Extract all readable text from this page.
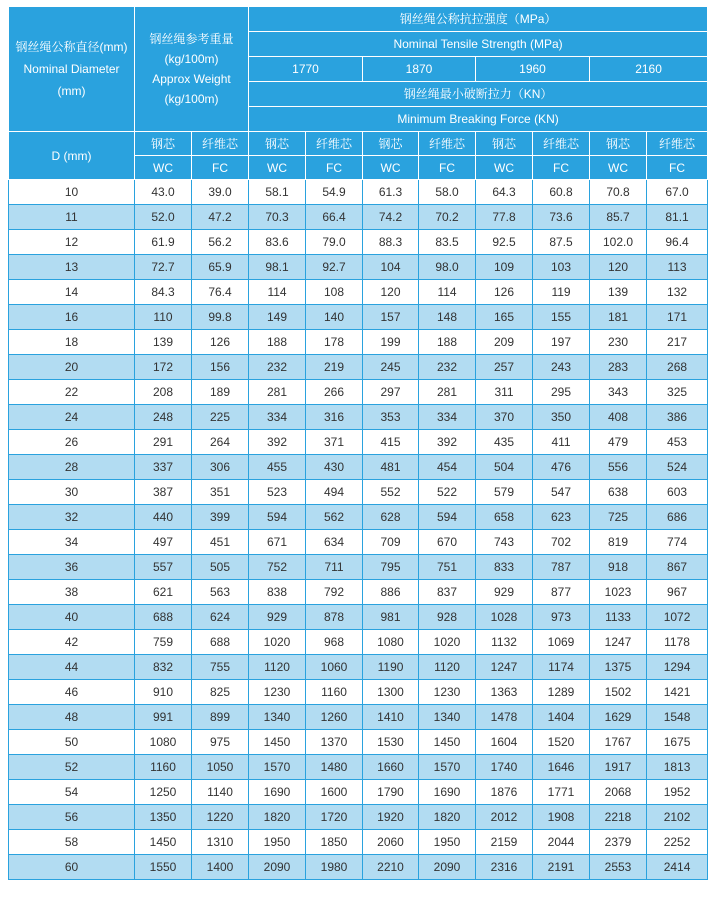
钢丝绳公称直径(mm)
Nominal Diameter
(mm)	钢丝绳参考重量
(kg/100m)
Approx Weight
(kg/100m)		钢丝绳公称抗拉强度（MPa）							
			Nominal Tensile Strength (MPa)							
			1770		1870		1960		2160	
			钢丝绳最小破断拉力（KN）							
			Minimum Breaking Force (KN)							
D (mm)	钢芯	纤维芯	钢芯	纤维芯	钢芯	纤维芯	钢芯	纤维芯	钢芯	纤维芯
	WC	FC	WC	FC	WC	FC	WC	FC	WC	FC
10	43.0	39.0	58.1	54.9	61.3	58.0	64.3	60.8	70.8	67.0
11	52.0	47.2	70.3	66.4	74.2	70.2	77.8	73.6	85.7	81.1
12	61.9	56.2	83.6	79.0	88.3	83.5	92.5	87.5	102.0	96.4
13	72.7	65.9	98.1	92.7	104	98.0	109	103	120	113
14	84.3	76.4	114	108	120	114	126	119	139	132
16	110	99.8	149	140	157	148	165	155	181	171
18	139	126	188	178	199	188	209	197	230	217
20	172	156	232	219	245	232	257	243	283	268
22	208	189	281	266	297	281	311	295	343	325
24	248	225	334	316	353	334	370	350	408	386
26	291	264	392	371	415	392	435	411	479	453
28	337	306	455	430	481	454	504	476	556	524
30	387	351	523	494	552	522	579	547	638	603
32	440	399	594	562	628	594	658	623	725	686
34	497	451	671	634	709	670	743	702	819	774
36	557	505	752	711	795	751	833	787	918	867
38	621	563	838	792	886	837	929	877	1023	967
40	688	624	929	878	981	928	1028	973	1133	1072
42	759	688	1020	968	1080	1020	1132	1069	1247	1178
44	832	755	1120	1060	1190	1120	1247	1174	1375	1294
46	910	825	1230	1160	1300	1230	1363	1289	1502	1421
48	991	899	1340	1260	1410	1340	1478	1404	1629	1548
50	1080	975	1450	1370	1530	1450	1604	1520	1767	1675
52	1160	1050	1570	1480	1660	1570	1740	1646	1917	1813
54	1250	1140	1690	1600	1790	1690	1876	1771	2068	1952
56	1350	1220	1820	1720	1920	1820	2012	1908	2218	2102
58	1450	1310	1950	1850	2060	1950	2159	2044	2379	2252
60	1550	1400	2090	1980	2210	2090	2316	2191	2553	2414
